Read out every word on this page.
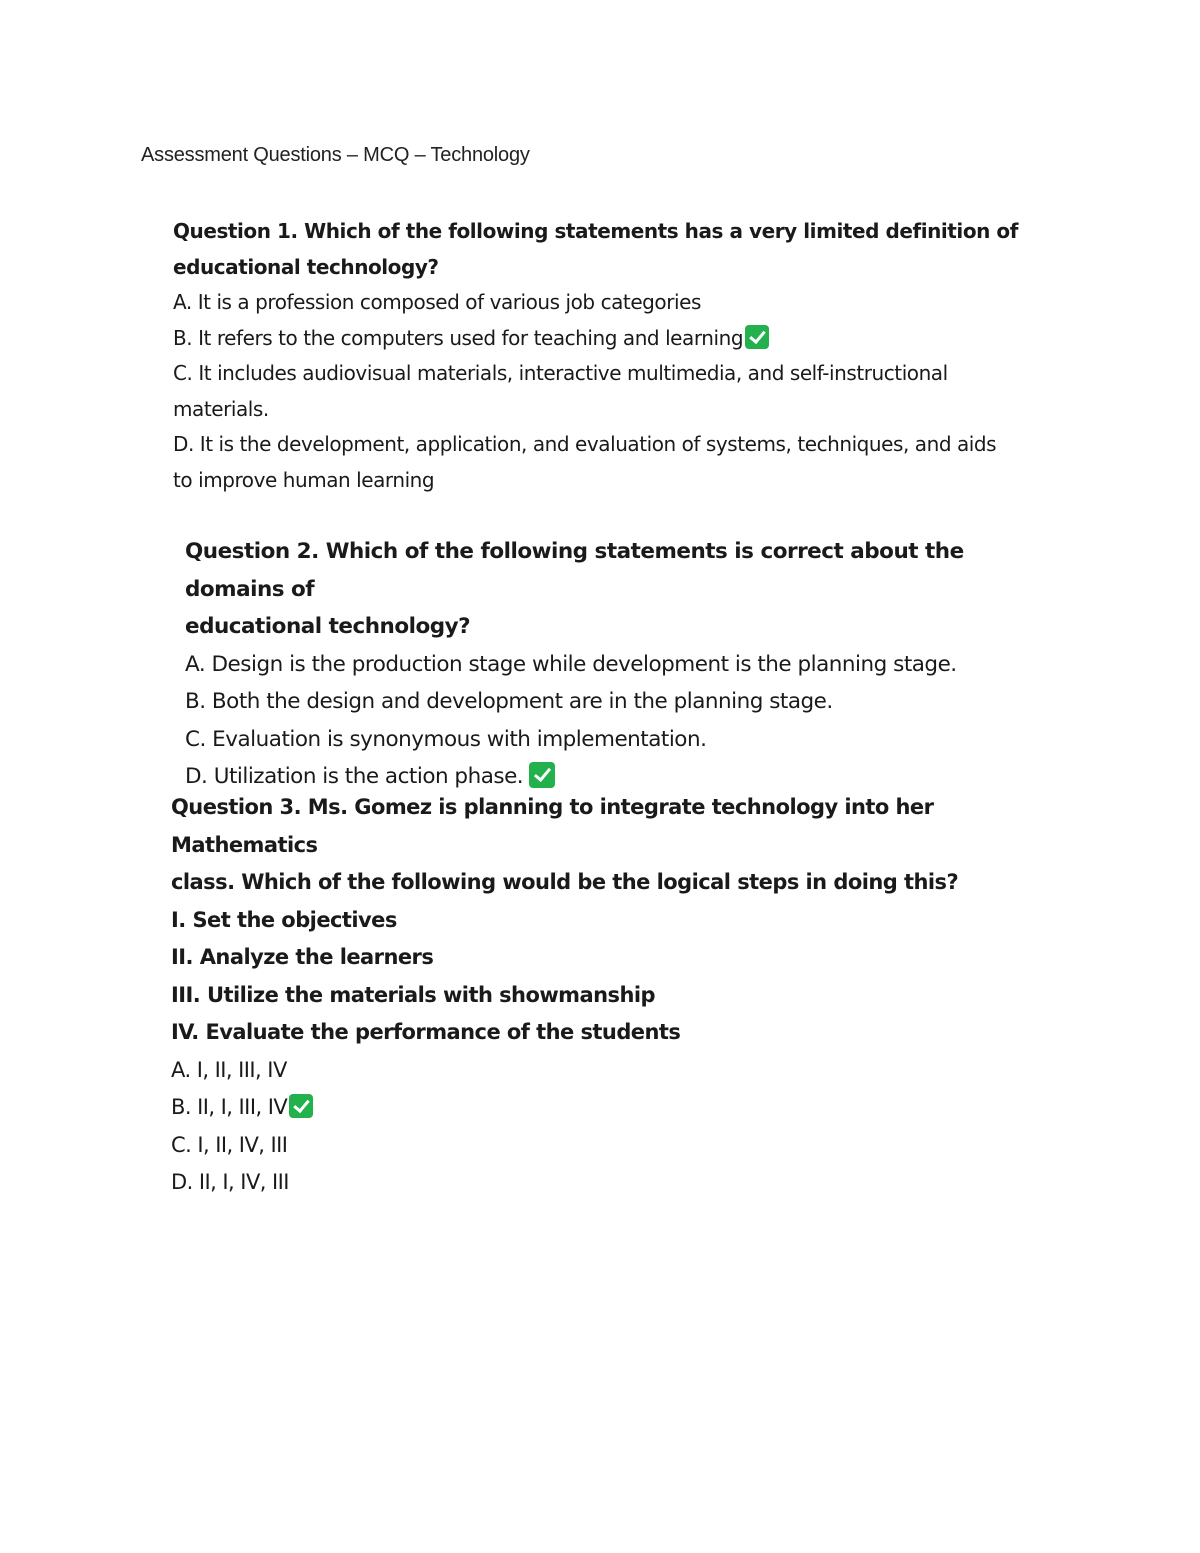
Assessment Questions – MCQ – Technology

Question 1. Which of the following statements has a very limited definition of

educational technology?

A. It is a profession composed of various job categories

B. It refers to the computers used for teaching and learning

C. It includes audiovisual materials, interactive multimedia, and self-instructional

materials.

D. It is the development, application, and evaluation of systems, techniques, and aids

to improve human learning

Question 2. Which of the following statements is correct about the domains of

educational technology?

A. Design is the production stage while development is the planning stage.

B. Both the design and development are in the planning stage.

C. Evaluation is synonymous with implementation.

D. Utilization is the action phase.

Question 3. Ms. Gomez is planning to integrate technology into her Mathematics

class. Which of the following would be the logical steps in doing this?

I. Set the objectives

II. Analyze the learners

III. Utilize the materials with showmanship

IV. Evaluate the performance of the students

A. I, II, III, IV

B. II, I, III, IV

C. I, II, IV, III

D. II, I, IV, III
